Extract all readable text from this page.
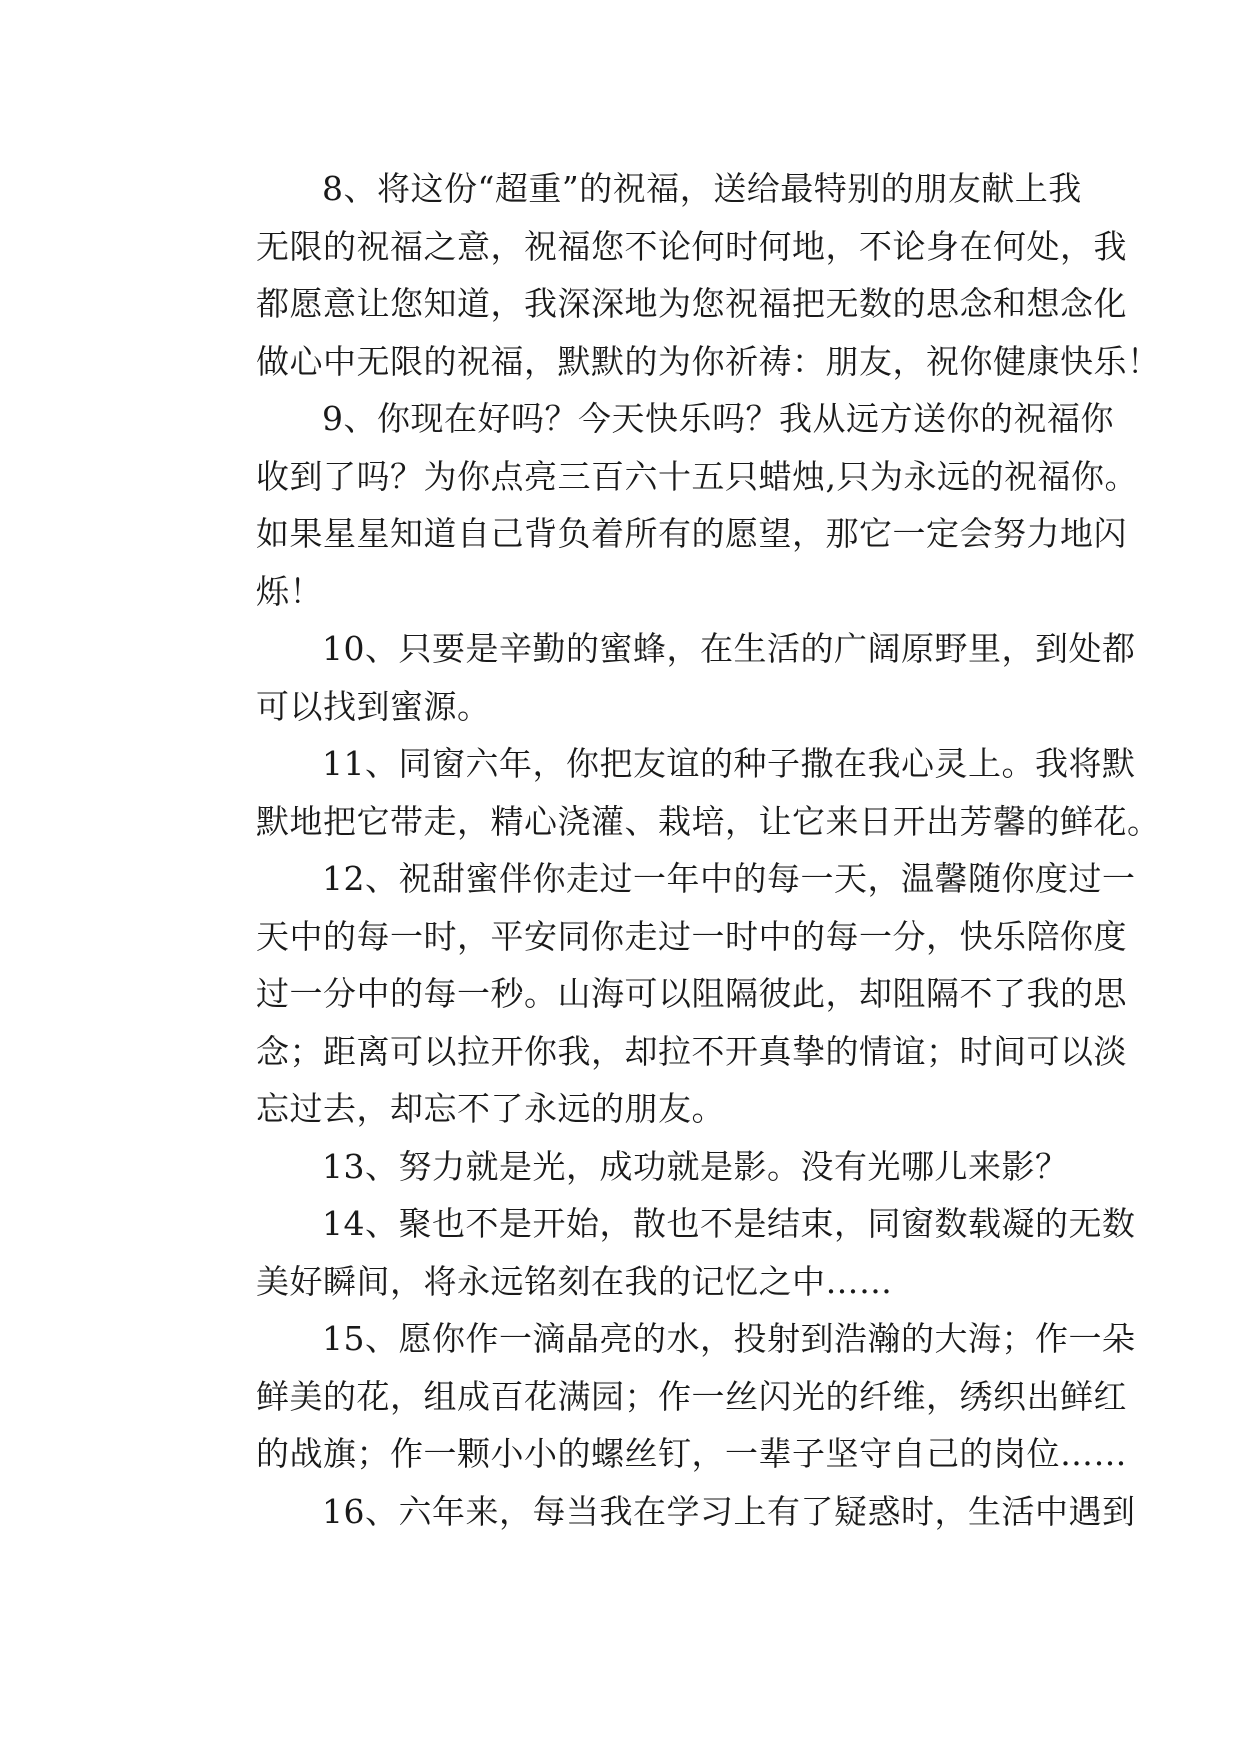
8、将这份“超重”的祝福，送给最特别的朋友献上我
无限的祝福之意，祝福您不论何时何地，不论身在何处，我
都愿意让您知道，我深深地为您祝福把无数的思念和想念化
做心中无限的祝福，默默的为你祈祷：朋友，祝你健康快乐！
9、你现在好吗？今天快乐吗？我从远方送你的祝福你
收到了吗？为你点亮三百六十五只蜡烛,只为永远的祝福你。
如果星星知道自己背负着所有的愿望，那它一定会努力地闪
烁！
10、只要是辛勤的蜜蜂，在生活的广阔原野里，到处都
可以找到蜜源。
11、同窗六年，你把友谊的种子撒在我心灵上。我将默
默地把它带走，精心浇灌、栽培，让它来日开出芳馨的鲜花。
12、祝甜蜜伴你走过一年中的每一天，温馨随你度过一
天中的每一时，平安同你走过一时中的每一分，快乐陪你度
过一分中的每一秒。山海可以阻隔彼此，却阻隔不了我的思
念；距离可以拉开你我，却拉不开真挚的情谊；时间可以淡
忘过去，却忘不了永远的朋友。
13、努力就是光，成功就是影。没有光哪儿来影？
14、聚也不是开始，散也不是结束，同窗数载凝的无数
美好瞬间，将永远铭刻在我的记忆之中……
15、愿你作一滴晶亮的水，投射到浩瀚的大海；作一朵
鲜美的花，组成百花满园；作一丝闪光的纤维，绣织出鲜红
的战旗；作一颗小小的螺丝钉，一辈子坚守自己的岗位……
16、六年来，每当我在学习上有了疑惑时，生活中遇到
